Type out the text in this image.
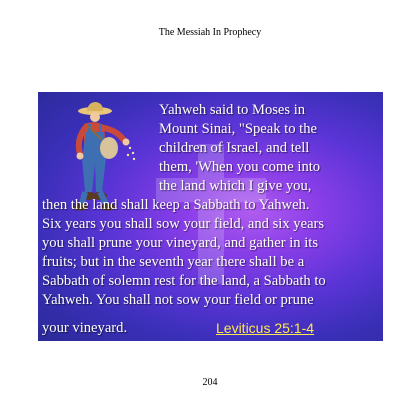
The Messiah In Prophecy
Yahweh said to Moses in
Mount Sinai, "Speak to the
children of Israel, and tell
them, 'When you come into
the land which I give you,
then the land shall keep a Sabbath to Yahweh.
Six years you shall sow your field, and six years
you shall prune your vineyard, and gather in its
fruits; but in the seventh year there shall be a
Sabbath of solemn rest for the land, a Sabbath to
Yahweh. You shall not sow your field or prune
your vineyard.	Leviticus 25:1-4
204
